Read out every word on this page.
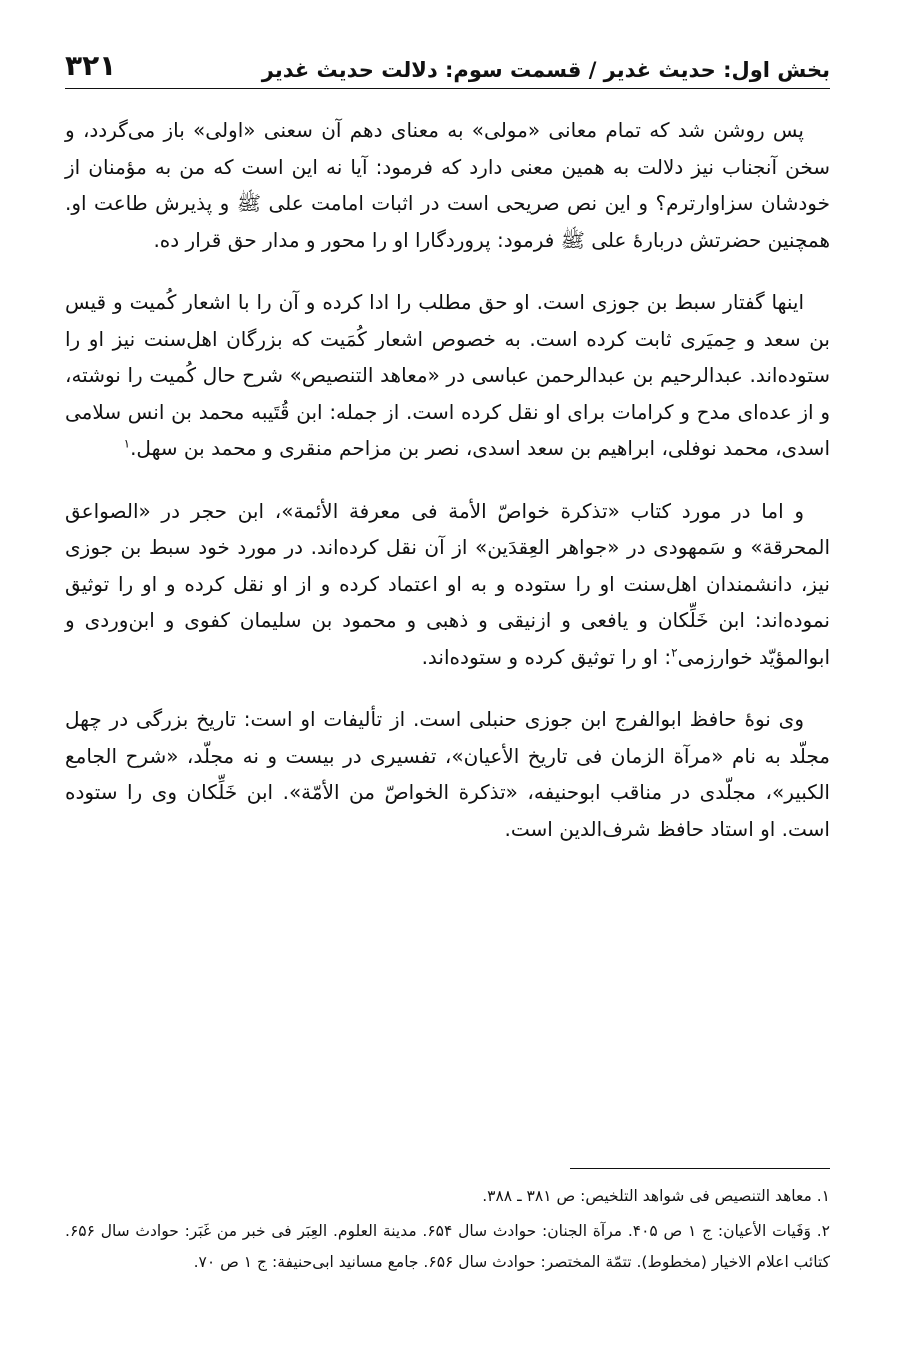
بخش اول: حدیث غدیر / قسمت سوم: دلالت حدیث غدیر
۳۲۱

پس روشن شد که تمام معانی «مولی» به معنای دهم آن سعنی «اولی» باز می‌گردد، و سخن آنجناب نیز دلالت به همین معنی دارد که فرمود: آیا نه این است که من به مؤمنان از خودشان سزاوارترم؟ و این نص صریحی است در اثبات امامت علی ﷺ و پذیرش طاعت او. همچنین حضرتش دربارهٔ علی ﷺ فرمود: پروردگارا او را محور و مدار حق قرار ده.

اینها گفتار سبط بن جوزی است. او حق مطلب را ادا کرده و آن را با اشعار کُمیت و قیس بن سعد و حِمیَری ثابت کرده است. به خصوص اشعار کُمَیت که بزرگان اهل‌سنت نیز او را ستوده‌اند. عبدالرحیم بن عبدالرحمن عباسی در «معاهد التنصیص» شرح حال کُمیت را نوشته، و از عده‌ای مدح و کرامات برای او نقل کرده است. از جمله: ابن قُتَیبه محمد بن انس سلامی اسدی، محمد نوفلی، ابراهیم بن سعد اسدی، نصر بن مزاحم منقری و محمد بن سهل.$^۱$

و اما در مورد کتاب «تذکرة خواصّ الأمة فی معرفة الأئمة»، ابن حجر در «الصواعق المحرقة» و سَمهودی در «جواهر العِقدَین» از آن نقل کرده‌اند. در مورد خود سبط بن جوزی نیز، دانشمندان اهل‌سنت او را ستوده و به او اعتماد کرده و از او نقل کرده و او را توثیق نموده‌اند: ابن خَلِّکان و یافعی و ازنیقی و ذهبی و محمود بن سلیمان کفوی و ابن‌وردی و ابوالمؤیّد خوارزمی$^۲$: او را توثیق کرده و ستوده‌اند.

وی نوهٔ حافظ ابوالفرج ابن جوزی حنبلی است. از تألیفات او است: تاریخ بزرگی در چهل مجلّد به نام «مرآة الزمان فی تاریخ الأعیان»، تفسیری در بیست و نه مجلّد، «شرح الجامع الکبیر»، مجلّدی در مناقب ابوحنیفه، «تذکرة الخواصّ من الأمّة». ابن خَلِّکان وی را ستوده است. او استاد حافظ شرف‌الدین است.

۱. معاهد التنصیص فی شواهد التلخیص: ص ۳۸۱ ـ ۳۸۸.

۲. وَفَیات الأعیان: ج ۱ ص ۴۰۵. مرآة الجنان: حوادث سال ۶۵۴. مدینة العلوم. العِبَر فی خبر من غَبَر: حوادث سال ۶۵۶. کتائب اعلام الاخیار (مخطوط). تتمّة المختصر: حوادث سال ۶۵۶. جامع مسانید ابی‌حنیفة: ج ۱ ص ۷۰.
